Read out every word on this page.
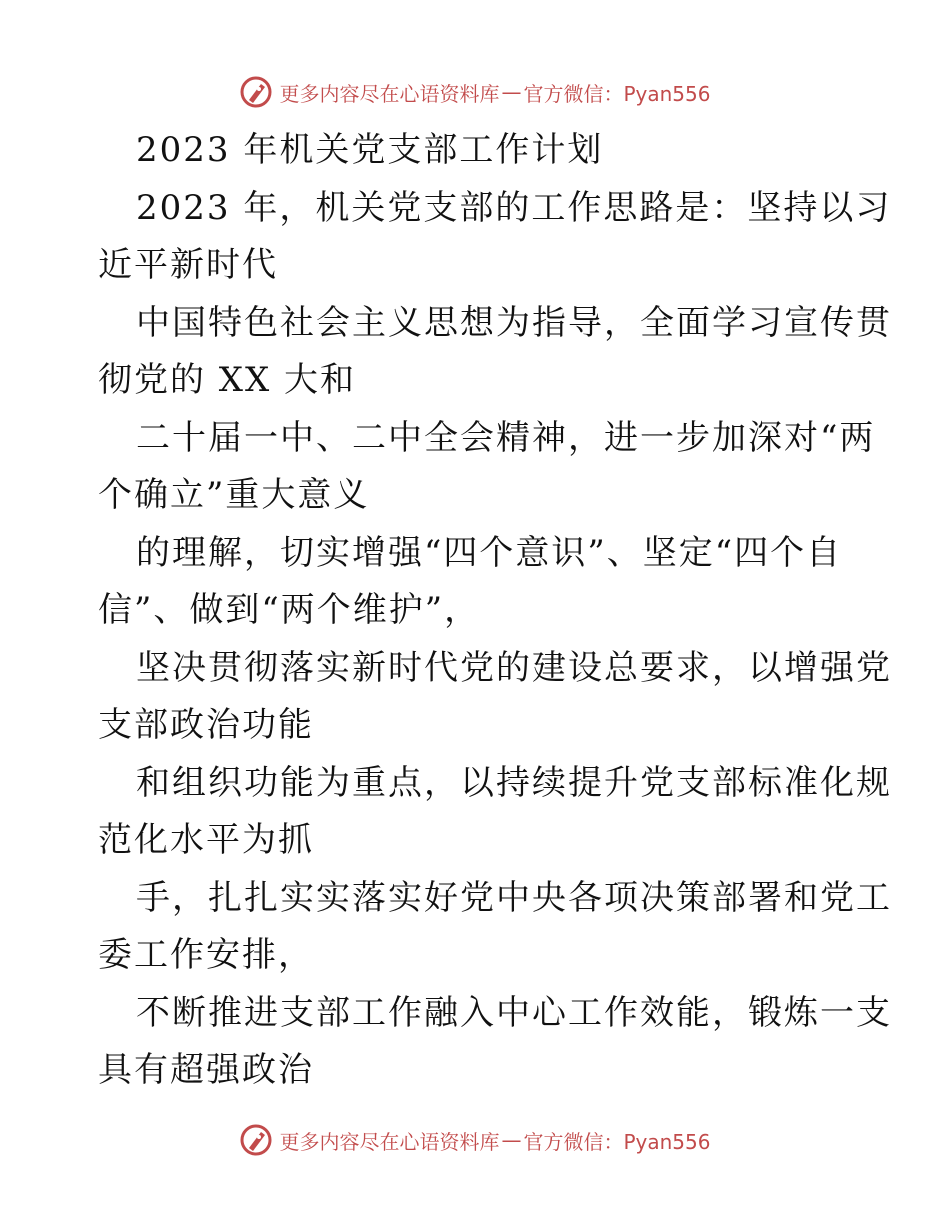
更多内容尽在心语资料库 — 官方微信：Pyan556
2023 年机关党支部工作计划
2023 年，机关党支部的工作思路是：坚持以习
近平新时代
中国特色社会主义思想为指导，全面学习宣传贯
彻党的 XX 大和
二十届一中、二中全会精神，进一步加深对“两
个确立”重大意义
的理解，切实增强“四个意识”、坚定“四个自
信”、做到“两个维护”，
坚决贯彻落实新时代党的建设总要求，以增强党
支部政治功能
和组织功能为重点，以持续提升党支部标准化规
范化水平为抓
手，扎扎实实落实好党中央各项决策部署和党工
委工作安排，
不断推进支部工作融入中心工作效能，锻炼一支
具有超强政治
更多内容尽在心语资料库 — 官方微信：Pyan556
